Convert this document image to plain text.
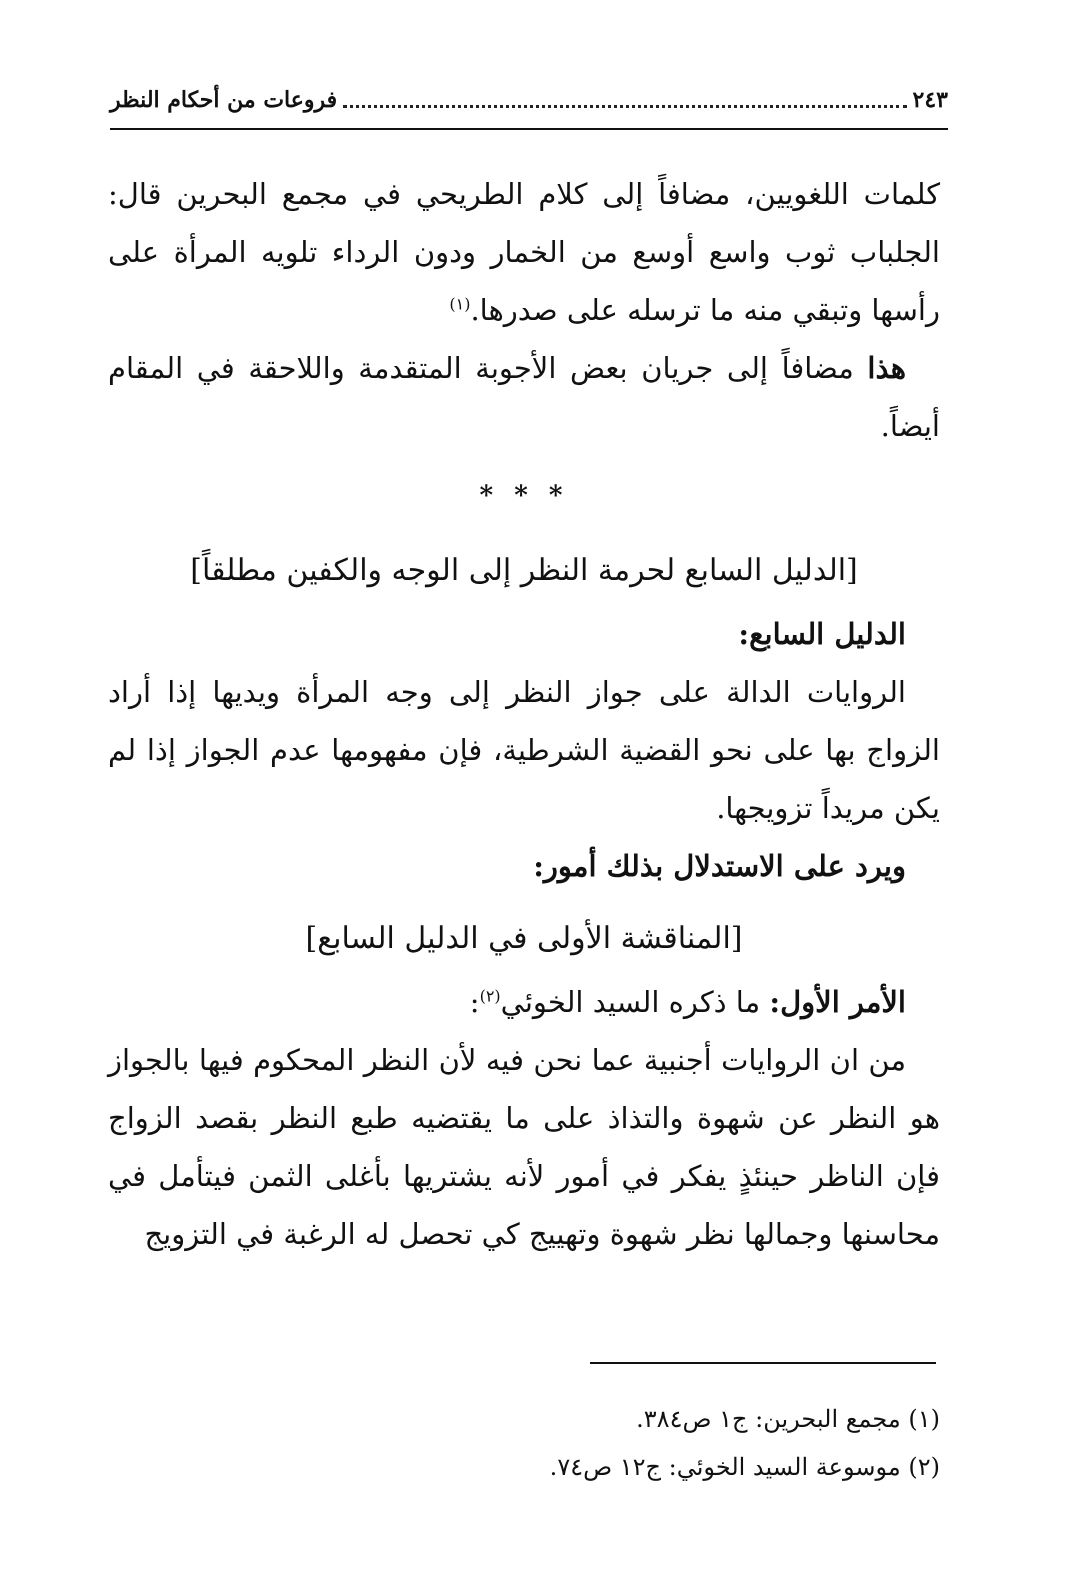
٢٤٣
فروعات من أحكام النظر

كلمات اللغويين، مضافاً إلى كلام الطريحي في مجمع البحرين قال: الجلباب ثوب واسع أوسع من الخمار ودون الرداء تلويه المرأة على رأسها وتبقي منه ما ترسله على صدرها.$^{(١)}$

هذا مضافاً إلى جريان بعض الأجوبة المتقدمة واللاحقة في المقام أيضاً.

* * *
[الدليل السابع لحرمة النظر إلى الوجه والكفين مطلقاً]

الدليل السابع:

الروايات الدالة على جواز النظر إلى وجه المرأة ويديها إذا أراد الزواج بها على نحو القضية الشرطية، فإن مفهومها عدم الجواز إذا لم يكن مريداً تزويجها.

ويرد على الاستدلال بذلك أمور:

[المناقشة الأولى في الدليل السابع]

الأمر الأول: ما ذكره السيد الخوئي$^{(٢)}$:

من ان الروايات أجنبية عما نحن فيه لأن النظر المحكوم فيها بالجواز هو النظر عن شهوة والتذاذ على ما يقتضيه طبع النظر بقصد الزواج فإن الناظر حينئذٍ يفكر في أمور لأنه يشتريها بأغلى الثمن فيتأمل في محاسنها وجمالها نظر شهوة وتهييج كي تحصل له الرغبة في التزويج

(١) مجمع البحرين: ج١ ص٣٨٤.
(٢) موسوعة السيد الخوئي: ج١٢ ص٧٤.
